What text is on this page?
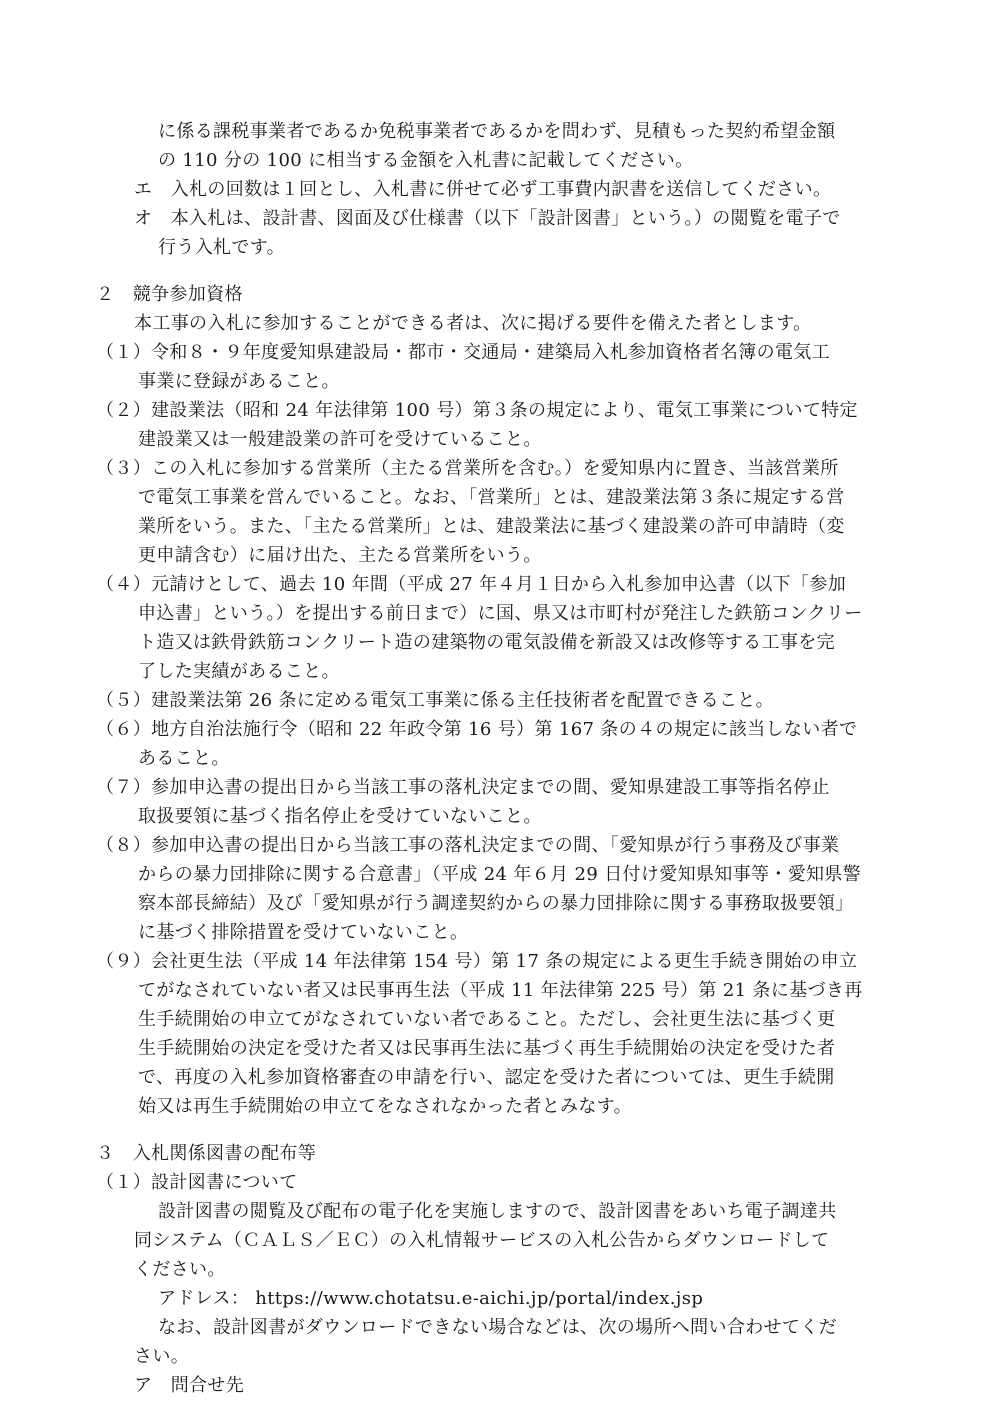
に係る課税事業者であるか免税事業者であるかを問わず、見積もった契約希望金額
の 110 分の 100 に相当する金額を入札書に記載してください。
エ　入札の回数は１回とし、入札書に併せて必ず工事費内訳書を送信してください。
オ　本入札は、設計書、図面及び仕様書（以下「設計図書」という。）の閲覧を電子で
行う入札です。
２　競争参加資格
本工事の入札に参加することができる者は、次に掲げる要件を備えた者とします。
（１）令和８・９年度愛知県建設局・都市・交通局・建築局入札参加資格者名簿の電気工
事業に登録があること。
（２）建設業法（昭和 24 年法律第 100 号）第３条の規定により、電気工事業について特定
建設業又は一般建設業の許可を受けていること。
（３）この入札に参加する営業所（主たる営業所を含む。）を愛知県内に置き、当該営業所
で電気工事業を営んでいること。なお、「営業所」とは、建設業法第３条に規定する営
業所をいう。また、「主たる営業所」とは、建設業法に基づく建設業の許可申請時（変
更申請含む）に届け出た、主たる営業所をいう。
（４）元請けとして、過去 10 年間（平成 27 年４月１日から入札参加申込書（以下「参加
申込書」という。）を提出する前日まで）に国、県又は市町村が発注した鉄筋コンクリー
ト造又は鉄骨鉄筋コンクリート造の建築物の電気設備を新設又は改修等する工事を完
了した実績があること。
（５）建設業法第 26 条に定める電気工事業に係る主任技術者を配置できること。
（６）地方自治法施行令（昭和 22 年政令第 16 号）第 167 条の４の規定に該当しない者で
あること。
（７）参加申込書の提出日から当該工事の落札決定までの間、愛知県建設工事等指名停止
取扱要領に基づく指名停止を受けていないこと。
（８）参加申込書の提出日から当該工事の落札決定までの間、「愛知県が行う事務及び事業
からの暴力団排除に関する合意書」（平成 24 年６月 29 日付け愛知県知事等・愛知県警
察本部長締結）及び「愛知県が行う調達契約からの暴力団排除に関する事務取扱要領」
に基づく排除措置を受けていないこと。
（９）会社更生法（平成 14 年法律第 154 号）第 17 条の規定による更生手続き開始の申立
てがなされていない者又は民事再生法（平成 11 年法律第 225 号）第 21 条に基づき再
生手続開始の申立てがなされていない者であること。ただし、会社更生法に基づく更
生手続開始の決定を受けた者又は民事再生法に基づく再生手続開始の決定を受けた者
で、再度の入札参加資格審査の申請を行い、認定を受けた者については、更生手続開
始又は再生手続開始の申立てをなされなかった者とみなす。
３　入札関係図書の配布等
（１）設計図書について
設計図書の閲覧及び配布の電子化を実施しますので、設計図書をあいち電子調達共
同システム（ＣＡＬＳ／ＥＣ）の入札情報サービスの入札公告からダウンロードして
ください。
アドレス： https://www.chotatsu.e-aichi.jp/portal/index.jsp
なお、設計図書がダウンロードできない場合などは、次の場所へ問い合わせてくだ
さい。
ア　問合せ先
